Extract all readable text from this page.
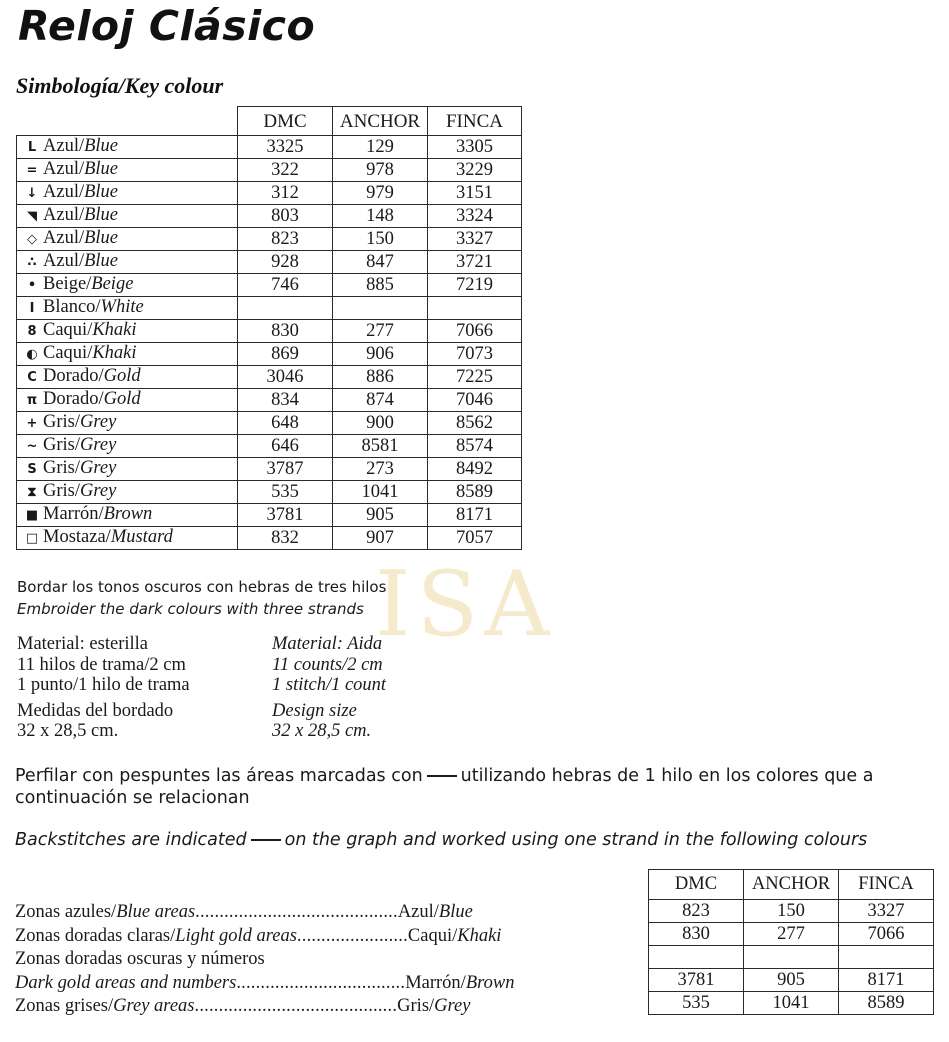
Reloj Clásico
Simbología/Key colour
	DMC	ANCHOR	FINCA
L Azul/Blue	3325	129	3305
= Azul/Blue	322	978	3229
↓ Azul/Blue	312	979	3151
◥ Azul/Blue	803	148	3324
◇ Azul/Blue	823	150	3327
∴ Azul/Blue	928	847	3721
• Beige/Beige	746	885	7219
I Blanco/White			
8 Caqui/Khaki	830	277	7066
◐ Caqui/Khaki	869	906	7073
C Dorado/Gold	3046	886	7225
π Dorado/Gold	834	874	7046
+ Gris/Grey	648	900	8562
~ Gris/Grey	646	8581	8574
S Gris/Grey	3787	273	8492
⧗ Gris/Grey	535	1041	8589
■ Marrón/Brown	3781	905	8171
□ Mostaza/Mustard	832	907	7057
ISA
Bordar los tonos oscuros con hebras de tres hilos
Embroider the dark colours with three strands
Material: esterilla
11 hilos de trama/2 cm
1 punto/1 hilo de trama
Medidas del bordado
32 x 28,5 cm.
Material: Aida
11 counts/2 cm
1 stitch/1 count
Design size
32 x 28,5 cm.
Perfilar con pespuntes las áreas marcadas con utilizando hebras de 1 hilo en los colores que a continuación se relacionan
Backstitches are indicated on the graph and worked using one strand in the following colours
Zonas azules/Blue areas..........................................Azul/Blue
Zonas doradas claras/Light gold areas.......................Caqui/Khaki
Zonas doradas oscuras y números
Dark gold areas and numbers...................................Marrón/Brown
Zonas grises/Grey areas..........................................Gris/Grey
DMC	ANCHOR	FINCA
823	150	3327
830	277	7066

3781	905	8171
535	1041	8589
